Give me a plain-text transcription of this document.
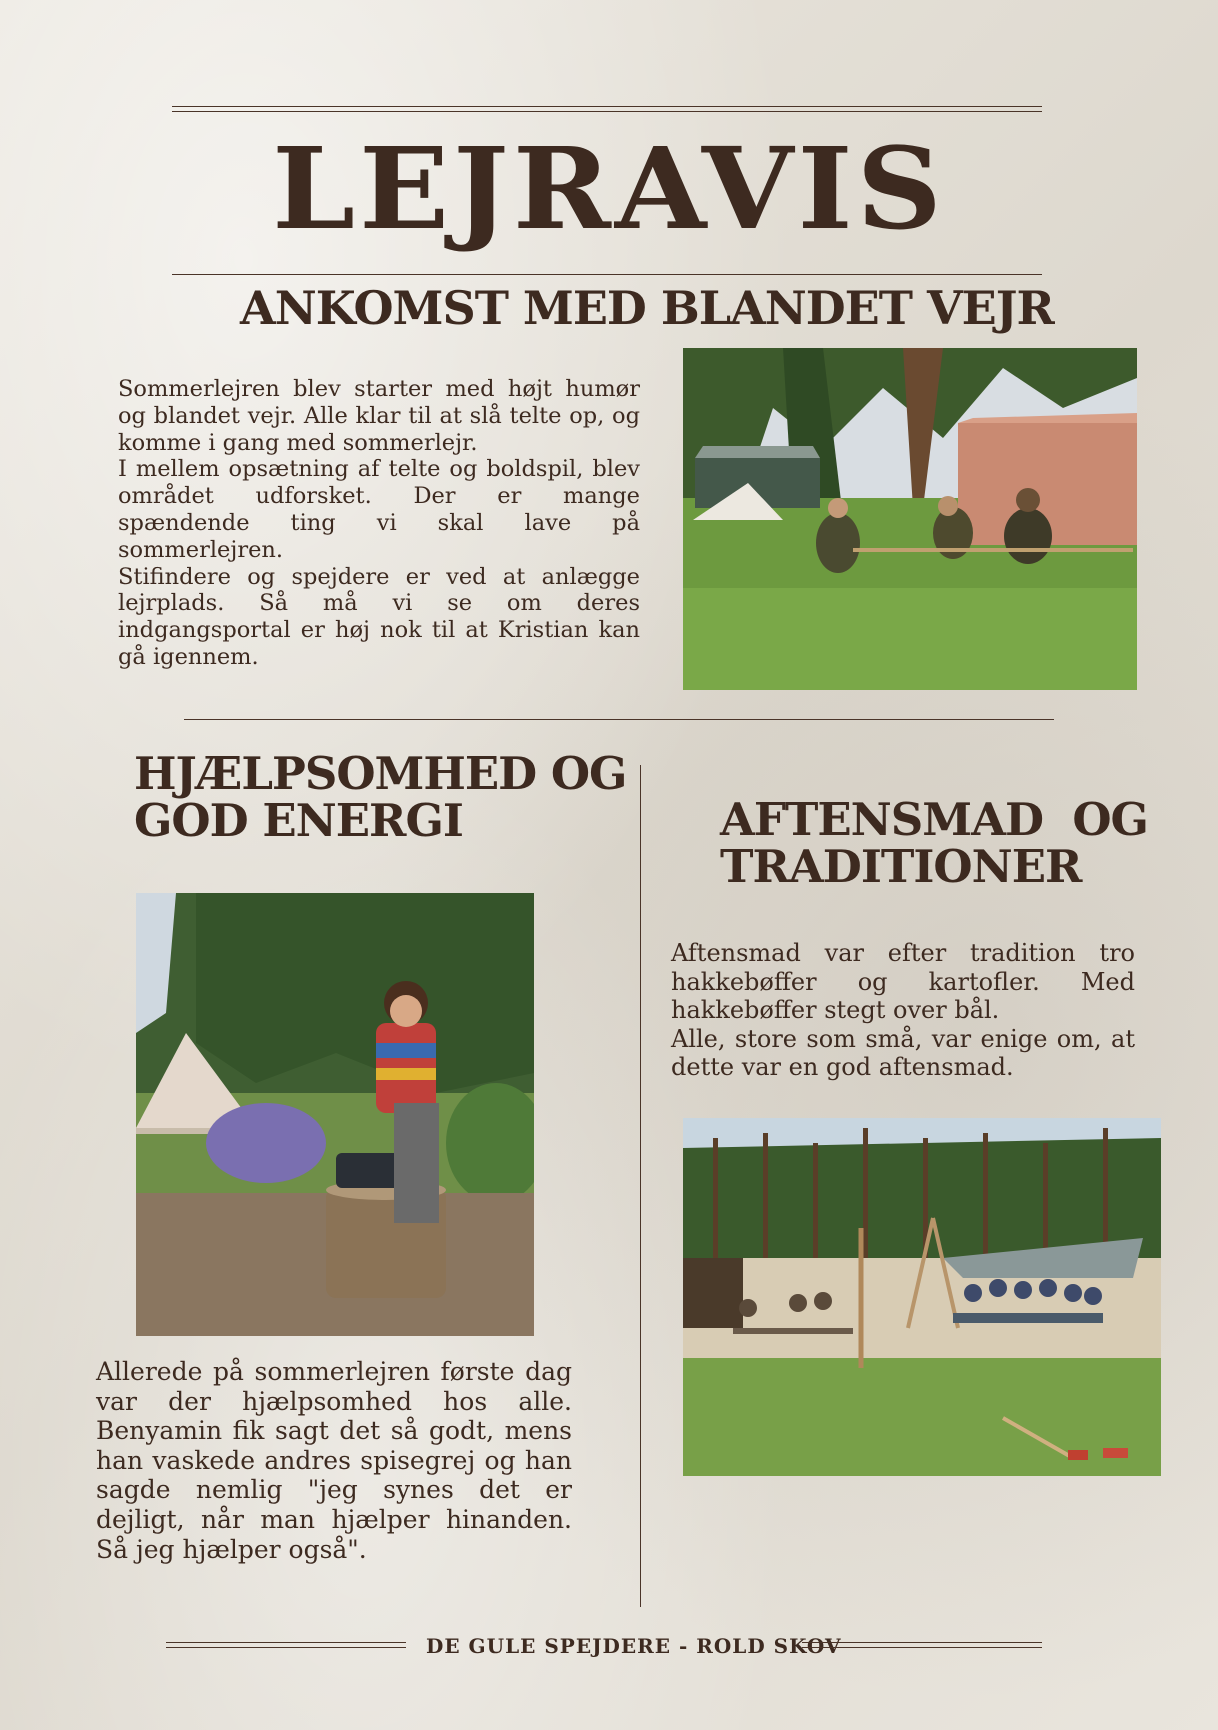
LEJRAVIS
ANKOMST MED BLANDET VEJR
Sommerlejren blev starter med højt humør og blandet vejr. Alle klar til at slå telte op, og komme i gang med sommerlejr.
I mellem opsætning af telte og boldspil, blev området udforsket. Der er mange spændende ting vi skal lave på sommerlejren.
Stifindere og spejdere er ved at anlægge lejrplads. Så må vi se om deres indgangsportal er høj nok til at Kristian kan gå igennem.
HJÆLPSOMHED OG
GOD ENERGI
Allerede på sommerlejren første dag var der hjælpsomhed hos alle. Benyamin fik sagt det så godt, mens han vaskede andres spisegrej og han sagde nemlig "jeg synes det er dejligt, når man hjælper hinanden. Så jeg hjælper også".
AFTENSMAD  OG
TRADITIONER
Aftensmad var efter tradition tro hakkebøffer og kartofler. Med hakkebøffer stegt over bål.
Alle, store som små, var enige om, at dette var en god aftensmad.
DE GULE SPEJDERE - ROLD SKOV
